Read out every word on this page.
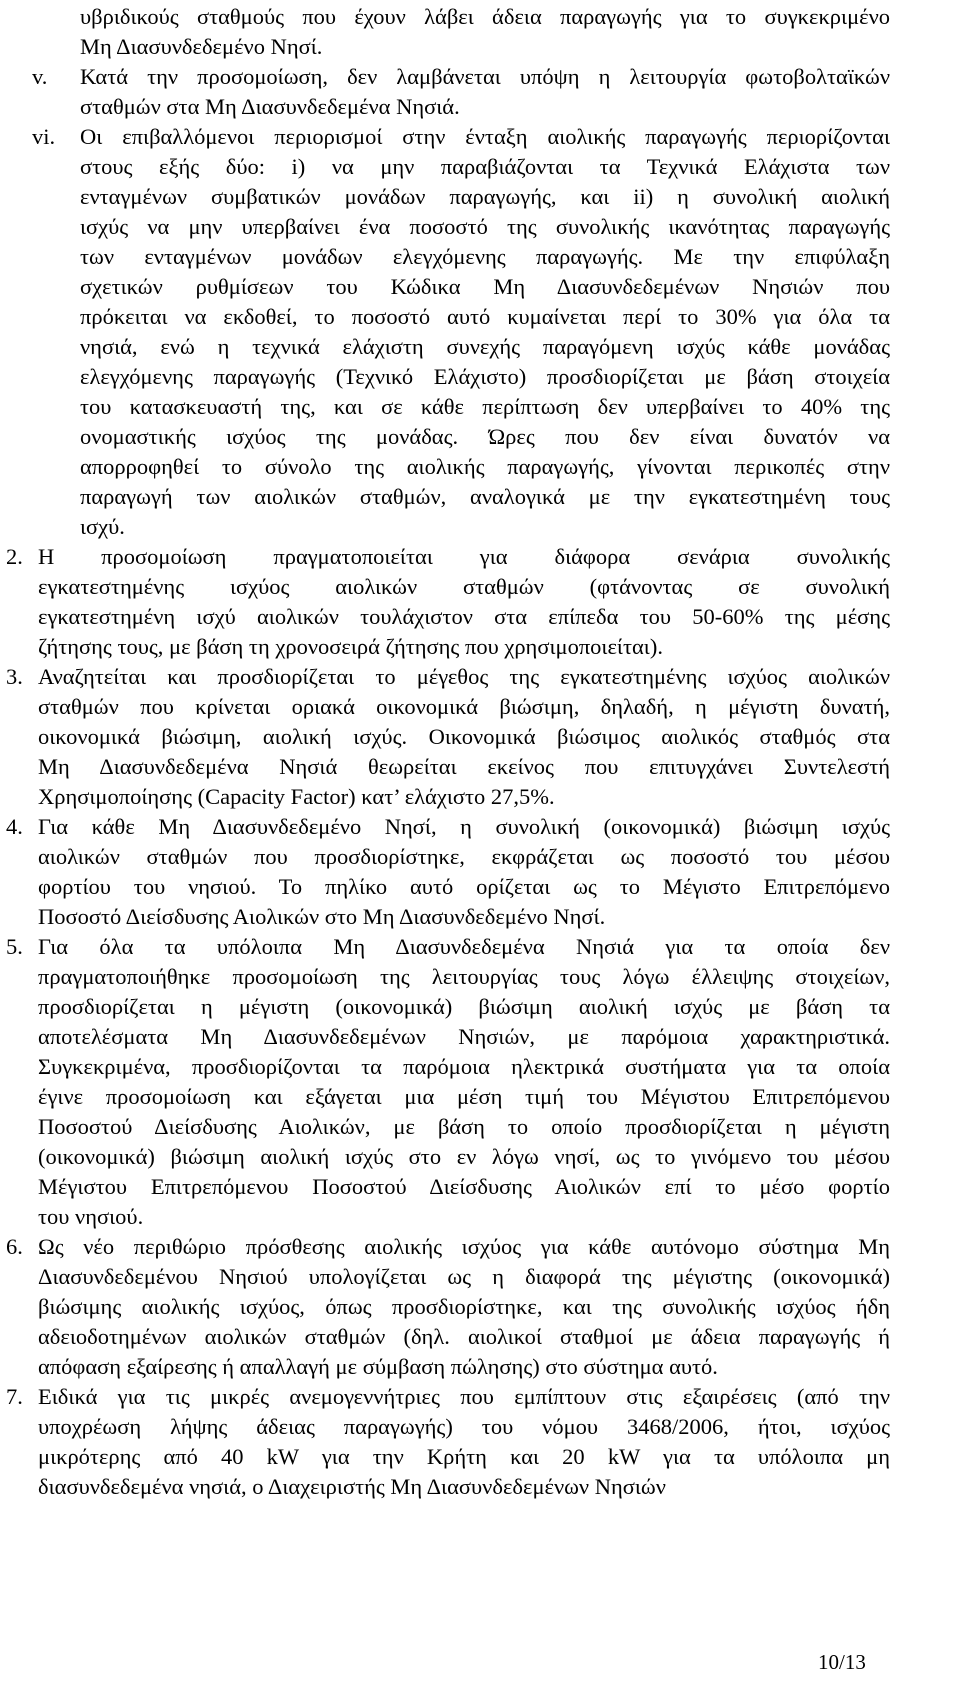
υβριδικούς σταθμούς που έχουν λάβει άδεια παραγωγής για το συγκεκριμένο
Μη Διασυνδεδεμένο Νησί.
v. Κατά την προσομοίωση, δεν λαμβάνεται υπόψη η λειτουργία φωτοβολταϊκών
σταθμών στα Μη Διασυνδεδεμένα Νησιά.
vi. Οι επιβαλλόμενοι περιορισμοί στην ένταξη αιολικής παραγωγής περιορίζονται
στους εξής δύο: i) να μην παραβιάζονται τα Τεχνικά Ελάχιστα των
ενταγμένων συμβατικών μονάδων παραγωγής, και ii) η συνολική αιολική
ισχύς να μην υπερβαίνει ένα ποσοστό της συνολικής ικανότητας παραγωγής
των ενταγμένων μονάδων ελεγχόμενης παραγωγής. Με την επιφύλαξη
σχετικών ρυθμίσεων του Κώδικα Μη Διασυνδεδεμένων Νησιών που
πρόκειται να εκδοθεί, το ποσοστό αυτό κυμαίνεται περί το 30% για όλα τα
νησιά, ενώ η τεχνικά ελάχιστη συνεχής παραγόμενη ισχύς κάθε μονάδας
ελεγχόμενης παραγωγής (Τεχνικό Ελάχιστο) προσδιορίζεται με βάση στοιχεία
του κατασκευαστή της, και σε κάθε περίπτωση δεν υπερβαίνει το 40% της
ονομαστικής ισχύος της μονάδας. Ώρες που δεν είναι δυνατόν να
απορροφηθεί το σύνολο της αιολικής παραγωγής, γίνονται περικοπές στην
παραγωγή των αιολικών σταθμών, αναλογικά με την εγκατεστημένη τους
ισχύ.
2. Η προσομοίωση πραγματοποιείται για διάφορα σενάρια συνολικής
εγκατεστημένης ισχύος αιολικών σταθμών (φτάνοντας σε συνολική
εγκατεστημένη ισχύ αιολικών τουλάχιστον στα επίπεδα του 50-60% της μέσης
ζήτησης τους, με βάση τη χρονοσειρά ζήτησης που χρησιμοποιείται).
3. Αναζητείται και προσδιορίζεται το μέγεθος της εγκατεστημένης ισχύος αιολικών
σταθμών που κρίνεται οριακά οικονομικά βιώσιμη, δηλαδή, η μέγιστη δυνατή,
οικονομικά βιώσιμη, αιολική ισχύς. Οικονομικά βιώσιμος αιολικός σταθμός στα
Μη Διασυνδεδεμένα Νησιά θεωρείται εκείνος που επιτυγχάνει Συντελεστή
Χρησιμοποίησης (Capacity Factor) κατ’ ελάχιστο 27,5%.
4. Για κάθε Μη Διασυνδεδεμένο Νησί, η συνολική (οικονομικά) βιώσιμη ισχύς
αιολικών σταθμών που προσδιορίστηκε, εκφράζεται ως ποσοστό του μέσου
φορτίου του νησιού. Το πηλίκο αυτό ορίζεται ως το Μέγιστο Επιτρεπόμενο
Ποσοστό Διείσδυσης Αιολικών στο Μη Διασυνδεδεμένο Νησί.
5. Για όλα τα υπόλοιπα Μη Διασυνδεδεμένα Νησιά για τα οποία δεν
πραγματοποιήθηκε προσομοίωση της λειτουργίας τους λόγω έλλειψης στοιχείων,
προσδιορίζεται η μέγιστη (οικονομικά) βιώσιμη αιολική ισχύς με βάση τα
αποτελέσματα Μη Διασυνδεδεμένων Νησιών, με παρόμοια χαρακτηριστικά.
Συγκεκριμένα, προσδιορίζονται τα παρόμοια ηλεκτρικά συστήματα για τα οποία
έγινε προσομοίωση και εξάγεται μια μέση τιμή του Μέγιστου Επιτρεπόμενου
Ποσοστού Διείσδυσης Αιολικών, με βάση το οποίο προσδιορίζεται η μέγιστη
(οικονομικά) βιώσιμη αιολική ισχύς στο εν λόγω νησί, ως το γινόμενο του μέσου
Μέγιστου Επιτρεπόμενου Ποσοστού Διείσδυσης Αιολικών επί το μέσο φορτίο
του νησιού.
6. Ως νέο περιθώριο πρόσθεσης αιολικής ισχύος για κάθε αυτόνομο σύστημα Μη
Διασυνδεδεμένου Νησιού υπολογίζεται ως η διαφορά της μέγιστης (οικονομικά)
βιώσιμης αιολικής ισχύος, όπως προσδιορίστηκε, και της συνολικής ισχύος ήδη
αδειοδοτημένων αιολικών σταθμών (δηλ. αιολικοί σταθμοί με άδεια παραγωγής ή
απόφαση εξαίρεσης ή απαλλαγή με σύμβαση πώλησης) στο σύστημα αυτό.
7. Ειδικά για τις μικρές ανεμογεννήτριες που εμπίπτουν στις εξαιρέσεις (από την
υποχρέωση λήψης άδειας παραγωγής) του νόμου 3468/2006, ήτοι, ισχύος
μικρότερης από 40 kW για την Κρήτη και 20 kW για τα υπόλοιπα μη
διασυνδεδεμένα νησιά, ο Διαχειριστής Μη Διασυνδεδεμένων Νησιών
10/13
